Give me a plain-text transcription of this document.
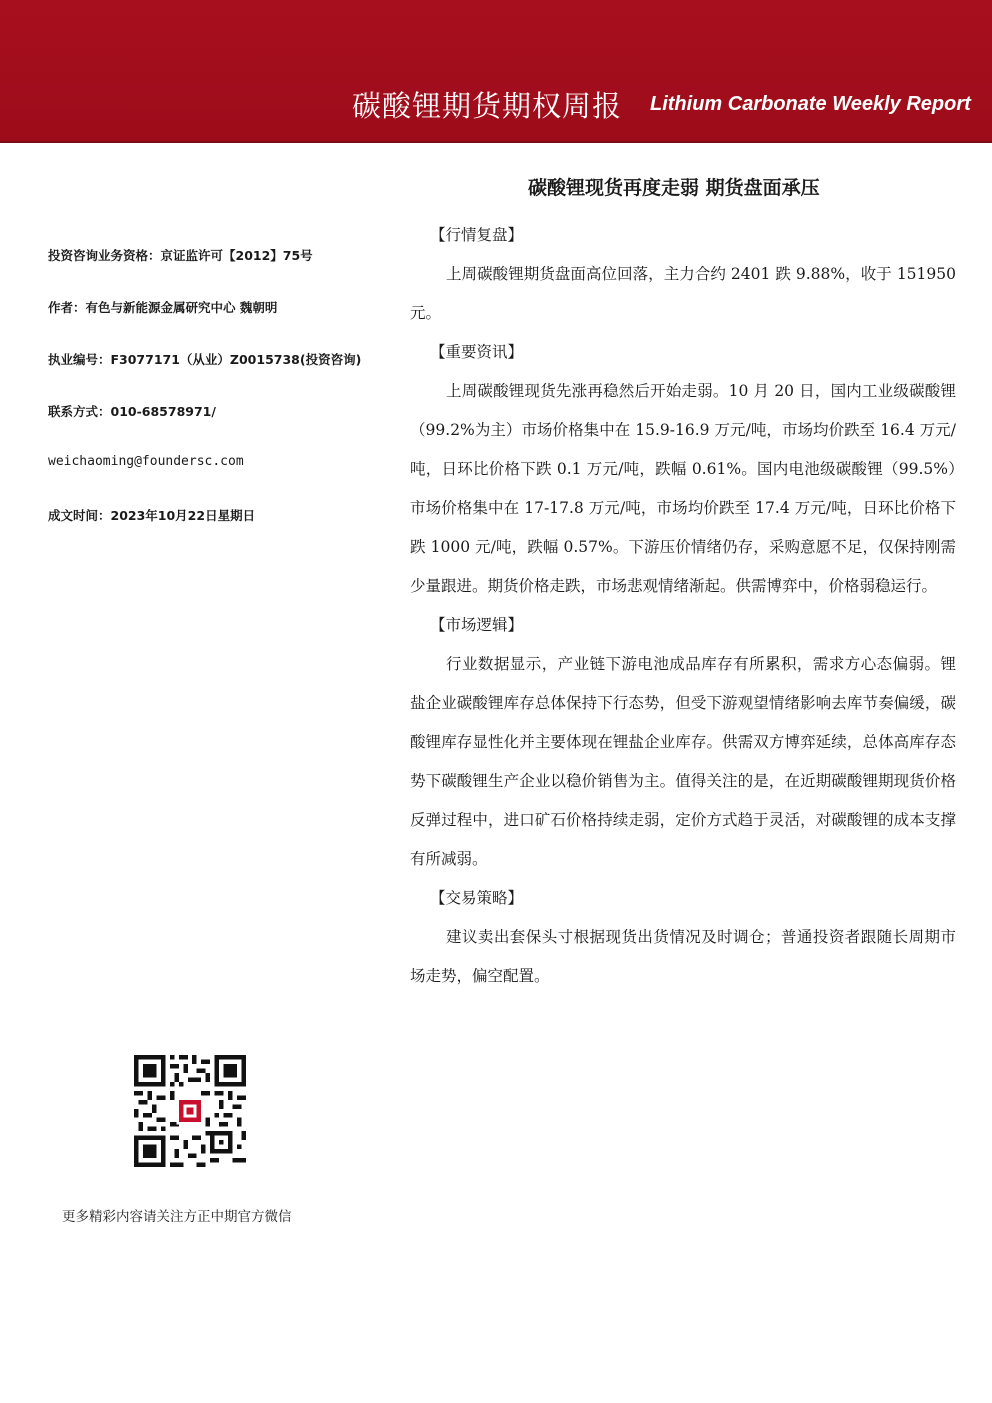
碳酸锂期货期权周报 Lithium Carbonate Weekly Report
碳酸锂现货再度走弱 期货盘面承压
投资咨询业务资格：京证监许可【2012】75号
作者：有色与新能源金属研究中心 魏朝明
执业编号：F3077171（从业）Z0015738(投资咨询)
联系方式：010-68578971/
weichaoming@foundersc.com
成文时间：2023年10月22日星期日
【行情复盘】

上周碳酸锂期货盘面高位回落，主力合约 2401 跌 9.88%，收于 151950 元。

【重要资讯】

上周碳酸锂现货先涨再稳然后开始走弱。10 月 20 日，国内工业级碳酸锂（99.2%为主）市场价格集中在 15.9-16.9 万元/吨，市场均价跌至 16.4 万元/吨，日环比价格下跌 0.1 万元/吨，跌幅 0.61%。国内电池级碳酸锂（99.5%）市场价格集中在 17-17.8 万元/吨，市场均价跌至 17.4 万元/吨，日环比价格下跌 1000 元/吨，跌幅 0.57%。下游压价情绪仍存，采购意愿不足，仅保持刚需少量跟进。期货价格走跌，市场悲观情绪渐起。供需博弈中，价格弱稳运行。

【市场逻辑】

行业数据显示，产业链下游电池成品库存有所累积，需求方心态偏弱。锂盐企业碳酸锂库存总体保持下行态势，但受下游观望情绪影响去库节奏偏缓，碳酸锂库存显性化并主要体现在锂盐企业库存。供需双方博弈延续，总体高库存态势下碳酸锂生产企业以稳价销售为主。值得关注的是，在近期碳酸锂期现货价格反弹过程中，进口矿石价格持续走弱，定价方式趋于灵活，对碳酸锂的成本支撑有所减弱。

【交易策略】

建议卖出套保头寸根据现货出货情况及时调仓；普通投资者跟随长周期市场走势，偏空配置。

更多精彩内容请关注方正中期官方微信
